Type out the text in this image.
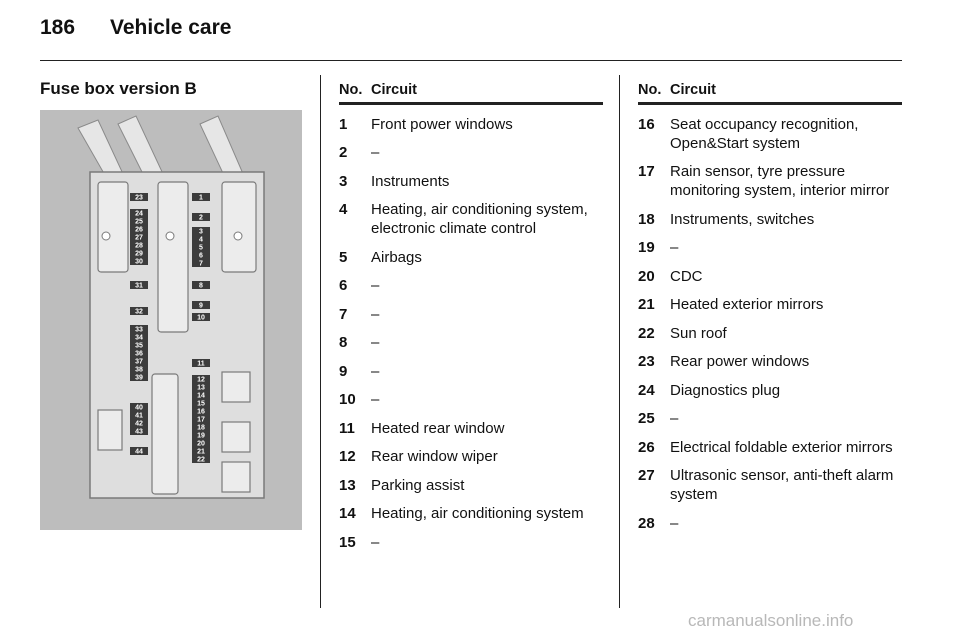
186 Vehicle care
Fuse box version B
23
24
25
26
27
28
29
30
31
32
33
34
35
36
37
38
39
40
41
42
43
44
1
2
3
4
5
6
7
8
9
10
11
12
13
14
15
16
17
18
19
20
21
22
No. Circuit
1	Front power windows
2	–
3	Instruments
4	Heating, air conditioning system, electronic climate control
5	Airbags
6	–
7	–
8	–
9	–
10	–
11	Heated rear window
12	Rear window wiper
13	Parking assist
14	Heating, air conditioning system
15	–
No. Circuit
16	Seat occupancy recognition, Open&Start system
17	Rain sensor, tyre pressure monitoring system, interior mirror
18	Instruments, switches
19	–
20	CDC
21	Heated exterior mirrors
22	Sun roof
23	Rear power windows
24	Diagnostics plug
25	–
26	Electrical foldable exterior mirrors
27	Ultrasonic sensor, anti-theft alarm system
28	–
carmanualsonline.info
